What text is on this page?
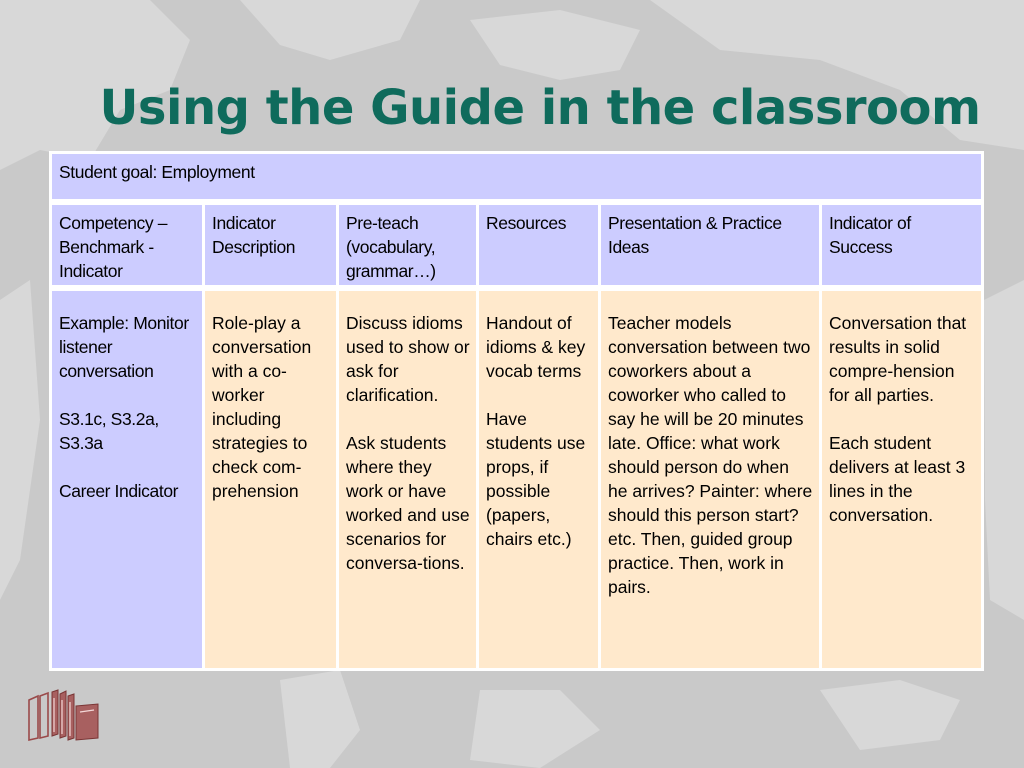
Using the Guide in the classroom
Student goal: Employment
Competency – Benchmark - Indicator
Indicator Description
Pre-teach (vocabulary, grammar…)
Resources	Presentation & Practice Ideas
Indicator of Success
Example: Monitor listener conversation
S3.1c, S3.2a, S3.3a
Career Indicator
Role-play a conversation with a co-worker including strategies to check com-prehension
Discuss idioms used to show or ask for clarification.
Ask students where they work or have worked and use scenarios for conversa-tions.
Handout of idioms & key vocab terms
Have students use props, if possible (papers, chairs etc.)
Teacher models conversation between two coworkers about a coworker who called to say he will be 20 minutes late. Office: what work should person do when he arrives? Painter: where should this person start? etc. Then, guided group practice. Then, work in pairs.
Conversation that results in solid compre-hension for all parties.
Each student delivers at least 3 lines in the conversation.
